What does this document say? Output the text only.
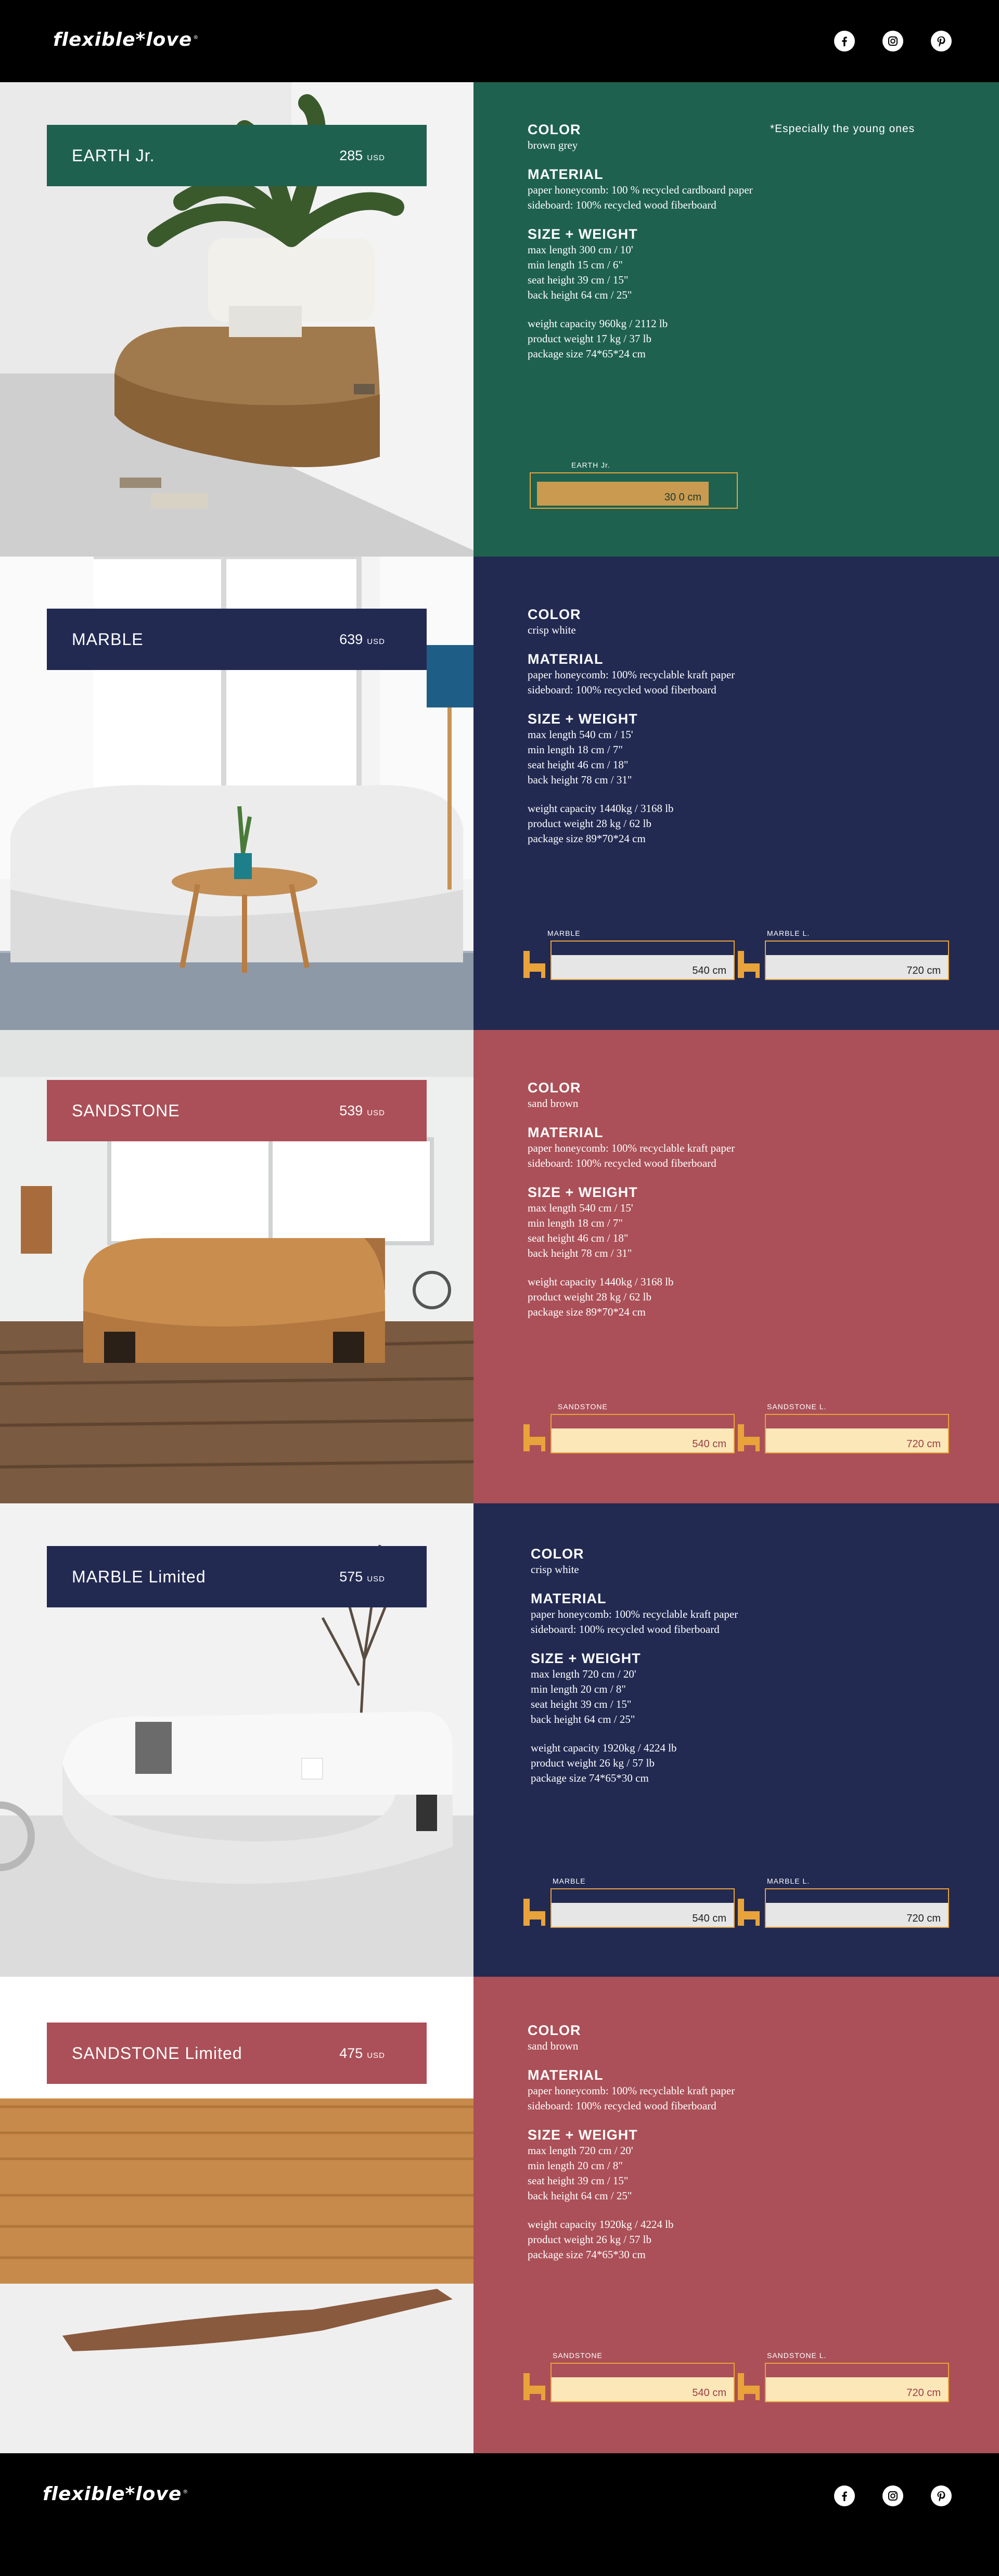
flexible*love ®
EARTH Jr.	285 USD
*Especially the young ones
COLOR

brown grey

MATERIAL

paper honeycomb: 100 % recycled cardboard paper

sideboard: 100% recycled wood fiberboard

SIZE + WEIGHT

max length 300 cm / 10'

min length 15 cm / 6"

seat height 39 cm / 15"

back height 64 cm / 25"

weight capacity 960kg / 2112 lb

product weight 17 kg / 37 lb

package size 74*65*24 cm

EARTH Jr.
30 0 cm
MARBLE	639 USD
COLOR

crisp white

MATERIAL

paper honeycomb: 100% recyclable kraft paper

sideboard: 100% recycled wood fiberboard

SIZE + WEIGHT

max length 540 cm / 15'

min length 18 cm / 7"

seat height 46 cm / 18"

back height 78 cm / 31"

weight capacity 1440kg / 3168 lb

product weight 28 kg / 62 lb

package size 89*70*24 cm

MARBLE
540 cm
MARBLE L.
720 cm
SANDSTONE	539 USD
COLOR

sand brown

MATERIAL

paper honeycomb: 100% recyclable kraft paper

sideboard: 100% recycled wood fiberboard

SIZE + WEIGHT

max length 540 cm / 15'

min length 18 cm / 7"

seat height 46 cm / 18"

back height 78 cm / 31"

weight capacity 1440kg / 3168 lb

product weight 28 kg / 62 lb

package size 89*70*24 cm

SANDSTONE
540 cm
SANDSTONE L.
720 cm
MARBLE Limited	575 USD
COLOR

crisp white

MATERIAL

paper honeycomb: 100% recyclable kraft paper

sideboard: 100% recycled wood fiberboard

SIZE + WEIGHT

max length 720 cm / 20'

min length 20 cm / 8"

seat height 39 cm / 15"

back height 64 cm / 25"

weight capacity 1920kg / 4224 lb

product weight 26 kg / 57 lb

package size 74*65*30 cm

MARBLE
540 cm
MARBLE L.
720 cm
SANDSTONE Limited	475 USD
COLOR

sand brown

MATERIAL

paper honeycomb: 100% recyclable kraft paper

sideboard: 100% recycled wood fiberboard

SIZE + WEIGHT

max length 720 cm / 20'

min length 20 cm / 8"

seat height 39 cm / 15"

back height 64 cm / 25"

weight capacity 1920kg / 4224 lb

product weight 26 kg / 57 lb

package size 74*65*30 cm

SANDSTONE
540 cm
SANDSTONE L.
720 cm
flexible*love ®
